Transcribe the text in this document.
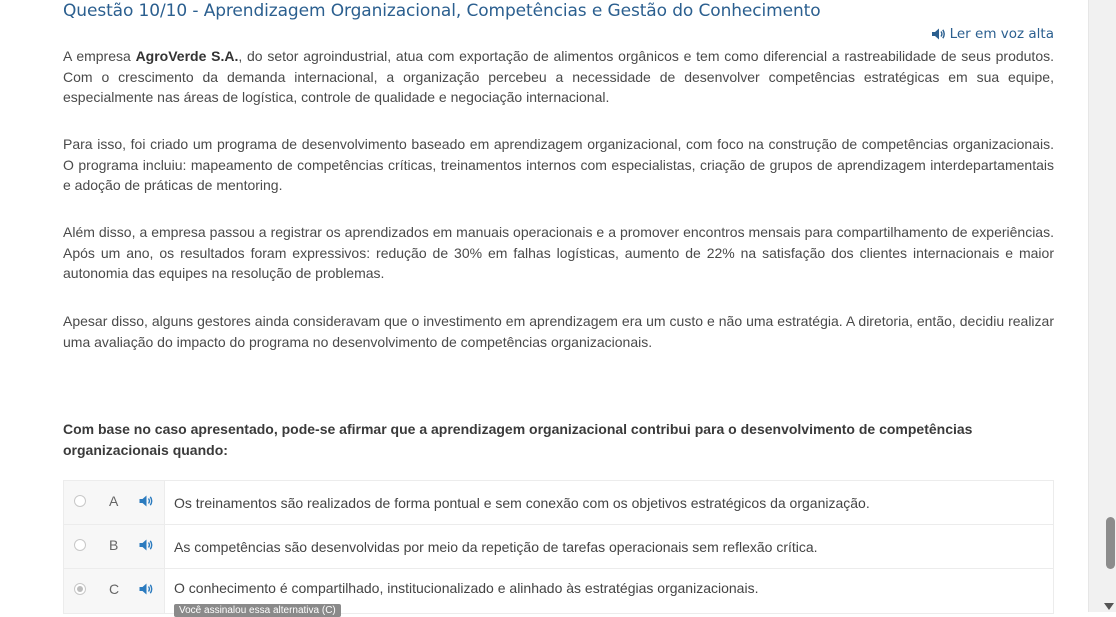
Questão 10/10 - Aprendizagem Organizacional, Competências e Gestão do Conhecimento
Ler em voz alta

A empresa AgroVerde S.A., do setor agroindustrial, atua com exportação de alimentos orgânicos e tem como diferencial a rastreabilidade de seus produtos. Com o crescimento da demanda internacional, a organização percebeu a necessidade de desenvolver competências estratégicas em sua equipe, especialmente nas áreas de logística, controle de qualidade e negociação internacional.

Para isso, foi criado um programa de desenvolvimento baseado em aprendizagem organizacional, com foco na construção de competências organizacionais. O programa incluiu: mapeamento de competências críticas, treinamentos internos com especialistas, criação de grupos de aprendizagem interdepartamentais e adoção de práticas de mentoring.

Além disso, a empresa passou a registrar os aprendizados em manuais operacionais e a promover encontros mensais para compartilhamento de experiências. Após um ano, os resultados foram expressivos: redução de 30% em falhas logísticas, aumento de 22% na satisfação dos clientes internacionais e maior autonomia das equipes na resolução de problemas.

Apesar disso, alguns gestores ainda consideravam que o investimento em aprendizagem era um custo e não uma estratégia. A diretoria, então, decidiu realizar uma avaliação do impacto do programa no desenvolvimento de competências organizacionais.

Com base no caso apresentado, pode-se afirmar que a aprendizagem organizacional contribui para o desenvolvimento de competências organizacionais quando:

A	Os treinamentos são realizados de forma pontual e sem conexão com os objetivos estratégicos da organização.
B	As competências são desenvolvidas por meio da repetição de tarefas operacionais sem reflexão crítica.
C	O conhecimento é compartilhado, institucionalizado e alinhado às estratégias organizacionais.
Você assinalou essa alternativa (C)
